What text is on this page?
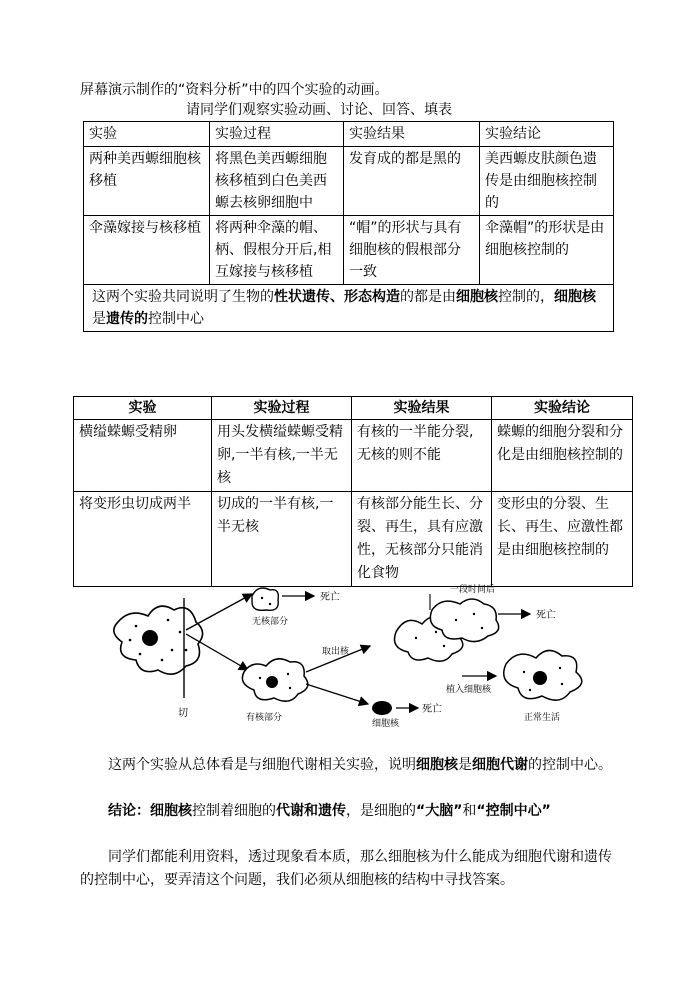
屏幕演示制作的“资料分析”中的四个实验的动画。
请同学们观察实验动画、讨论、回答、填表
实验	实验过程	实验结果	实验结论
两种美西螈细胞核移植	将黑色美西螈细胞核移植到白色美西螈去核卵细胞中	发育成的都是黑的	美西螈皮肤颜色遗传是由细胞核控制的
伞藻嫁接与核移植	将两种伞藻的帽、柄、假根分开后,相互嫁接与核移植	“帽”的形状与具有细胞核的假根部分一致	伞藻帽”的形状是由细胞核控制的
这两个实验共同说明了生物的性状遗传、形态构造的都是由细胞核控制的，细胞核是遗传的控制中心			
实验	实验过程	实验结果	实验结论
横缢蝾螈受精卵	用头发横缢蝾螈受精卵,一半有核,一半无核	有核的一半能分裂,无核的则不能	蝾螈的细胞分裂和分化是由细胞核控制的
将变形虫切成两半	切成的一半有核,一半无核	有核部分能生长、分裂、再生，具有应激性，无核部分只能消化食物	变形虫的分裂、生长、再生、应激性都是由细胞核控制的
切
死亡
无核部分
有核部分
取出核
死亡
细胞核
死亡
一段时间后
植入细胞核
正常生活
这两个实验从总体看是与细胞代谢相关实验，说明细胞核是细胞代谢的控制中心。
结论：细胞核控制着细胞的代谢和遗传，是细胞的“大脑”和“控制中心”
同学们都能利用资料，透过现象看本质，那么细胞核为什么能成为细胞代谢和遗传的控制中心，要弄清这个问题，我们必须从细胞核的结构中寻找答案。
